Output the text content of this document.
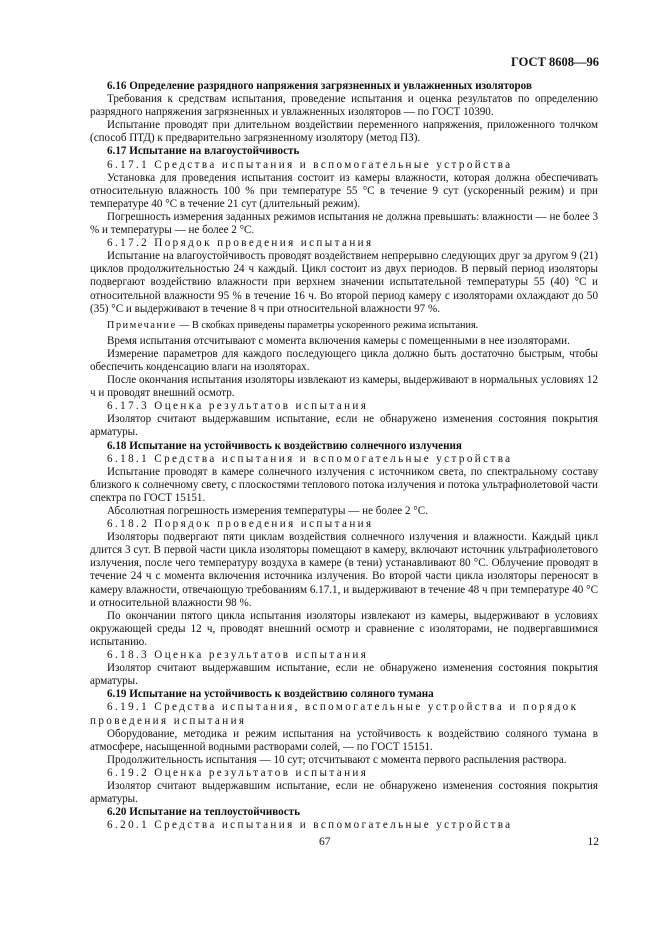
ГОСТ 8608—96

6.16 Определение разрядного напряжения загрязненных и увлажненных изоляторов

Требования к средствам испытания, проведение испытания и оценка результатов по определению разрядного напряжения загрязненных и увлажненных изоляторов — по ГОСТ 10390.

Испытание проводят при длительном воздействии переменного напряжения, приложенного толчком (способ ПТД) к предварительно загрязненному изолятору (метод ПЗ).

6.17 Испытание на влагоустойчивость

6.17.1 Средства испытания и вспомогательные устройства

Установка для проведения испытания состоит из камеры влажности, которая должна обеспечивать относительную влажность 100 % при температуре 55 °С в течение 9 сут (ускоренный режим) и при температуре 40 °С в течение 21 сут (длительный режим).

Погрешность измерения заданных режимов испытания не должна превышать: влажности — не более 3 % и температуры — не более 2 °С.

6.17.2 Порядок проведения испытания

Испытание на влагоустойчивость проводят воздействием непрерывно следующих друг за другом 9 (21) циклов продолжительностью 24 ч каждый. Цикл состоит из двух периодов. В первый период изоляторы подвергают воздействию влажности при верхнем значении испытательной температуры 55 (40) °С и относительной влажности 95 % в течение 16 ч. Во второй период камеру с изоляторами охлаждают до 50 (35) °С и выдерживают в течение 8 ч при относительной влажности 97 %.

Примечание — В скобках приведены параметры ускоренного режима испытания.

Время испытания отсчитывают с момента включения камеры с помещенными в нее изоляторами.

Измерение параметров для каждого последующего цикла должно быть достаточно быстрым, чтобы обеспечить конденсацию влаги на изоляторах.

После окончания испытания изоляторы извлекают из камеры, выдерживают в нормальных условиях 12 ч и проводят внешний осмотр.

6.17.3 Оценка результатов испытания

Изолятор считают выдержавшим испытание, если не обнаружено изменения состояния покрытия арматуры.

6.18 Испытание на устойчивость к воздействию солнечного излучения

6.18.1 Средства испытания и вспомогательные устройства

Испытание проводят в камере солнечного излучения с источником света, по спектральному составу близкого к солнечному свету, с плоскостями теплового потока излучения и потока ультрафиолетовой части спектра по ГОСТ 15151.

Абсолютная погрешность измерения температуры — не более 2 °С.

6.18.2 Порядок проведения испытания

Изоляторы подвергают пяти циклам воздействия солнечного излучения и влажности. Каждый цикл длится 3 сут. В первой части цикла изоляторы помещают в камеру, включают источник ультрафиолетового излучения, после чего температуру воздуха в камере (в тени) устанавливают 80 °С. Облучение проводят в течение 24 ч с момента включения источника излучения. Во второй части цикла изоляторы переносят в камеру влажности, отвечающую требованиям 6.17.1, и выдерживают в течение 48 ч при температуре 40 °С и относительной влажности 98 %.

По окончании пятого цикла испытания изоляторы извлекают из камеры, выдерживают в условиях окружающей среды 12 ч, проводят внешний осмотр и сравнение с изоляторами, не подвергавшимися испытанию.

6.18.3 Оценка результатов испытания

Изолятор считают выдержавшим испытание, если не обнаружено изменения состояния покрытия арматуры.

6.19 Испытание на устойчивость к воздействию соляного тумана

6.19.1 Средства испытания, вспомогательные устройства и порядок проведения испытания

Оборудование, методика и режим испытания на устойчивость к воздействию соляного тумана в атмосфере, насыщенной водными растворами солей, — по ГОСТ 15151.

Продолжительность испытания — 10 сут; отсчитывают с момента первого распыления раствора.

6.19.2 Оценка результатов испытания

Изолятор считают выдержавшим испытание, если не обнаружено изменения состояния покрытия арматуры.

6.20 Испытание на теплоустойчивость

6.20.1 Средства испытания и вспомогательные устройства

67	12
